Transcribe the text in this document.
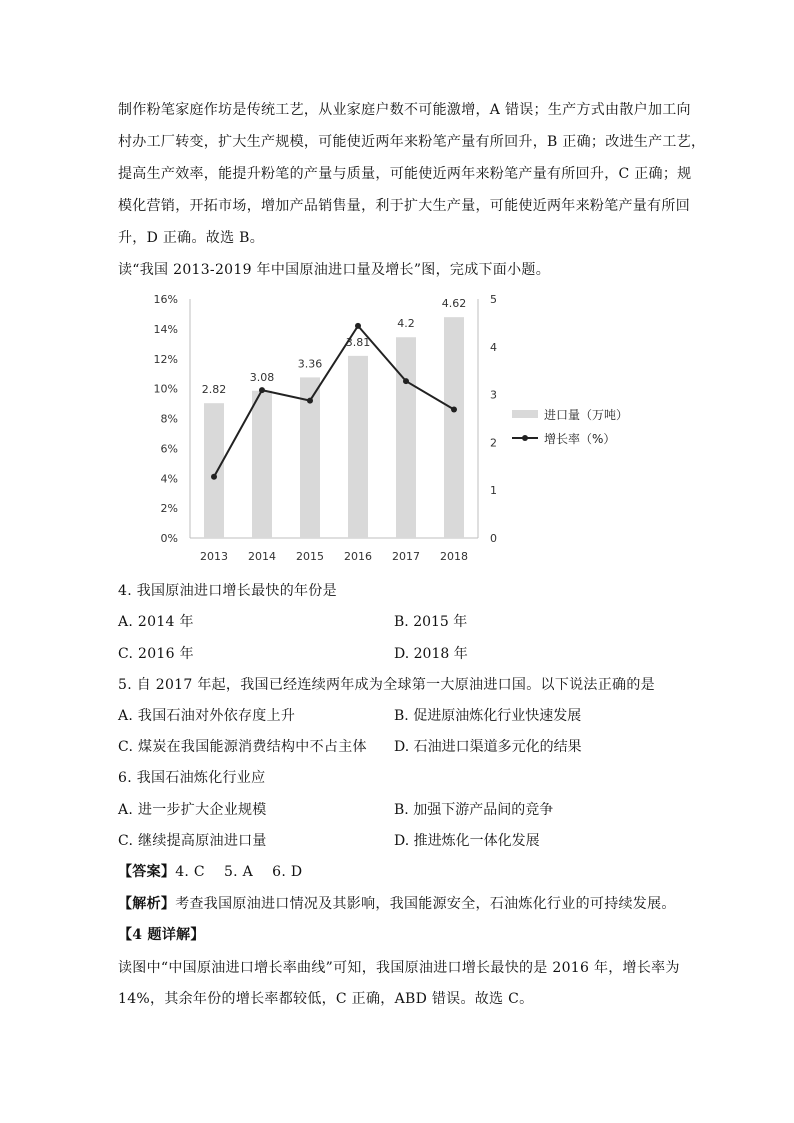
制作粉笔家庭作坊是传统工艺，从业家庭户数不可能激增，A 错误；生产方式由散户加工向
村办工厂转变，扩大生产规模，可能使近两年来粉笔产量有所回升，B 正确；改进生产工艺，
提高生产效率，能提升粉笔的产量与质量，可能使近两年来粉笔产量有所回升，C 正确；规
模化营销，开拓市场，增加产品销售量，利于扩大生产量，可能使近两年来粉笔产量有所回
升，D 正确。故选 B。
读“我国 2013-2019 年中国原油进口量及增长”图，完成下面小题。
0%
2%
4%
6%
8%
10%
12%
14%
16%
0
1
2
3
4
5
2.82
3.08
3.36
3.81
4.2
4.62
2013 2014 2015 2016 2017 2018
进口量（万吨）
增长率（%）
4. 我国原油进口增长最快的年份是
A. 2014 年	B. 2015 年
C. 2016 年	D. 2018 年
5. 自 2017 年起，我国已经连续两年成为全球第一大原油进口国。以下说法正确的是
A. 我国石油对外依存度上升	B. 促进原油炼化行业快速发展
C. 煤炭在我国能源消费结构中不占主体 D. 石油进口渠道多元化的结果
6. 我国石油炼化行业应
A. 进一步扩大企业规模	B. 加强下游产品间的竞争
C. 继续提高原油进口量	D. 推进炼化一体化发展
【答案】4. C　 5. A　 6. D
【解析】考查我国原油进口情况及其影响，我国能源安全，石油炼化行业的可持续发展。
【4 题详解】
读图中“中国原油进口增长率曲线”可知，我国原油进口增长最快的是 2016 年，增长率为
14%，其余年份的增长率都较低，C 正确，ABD 错误。故选 C。
